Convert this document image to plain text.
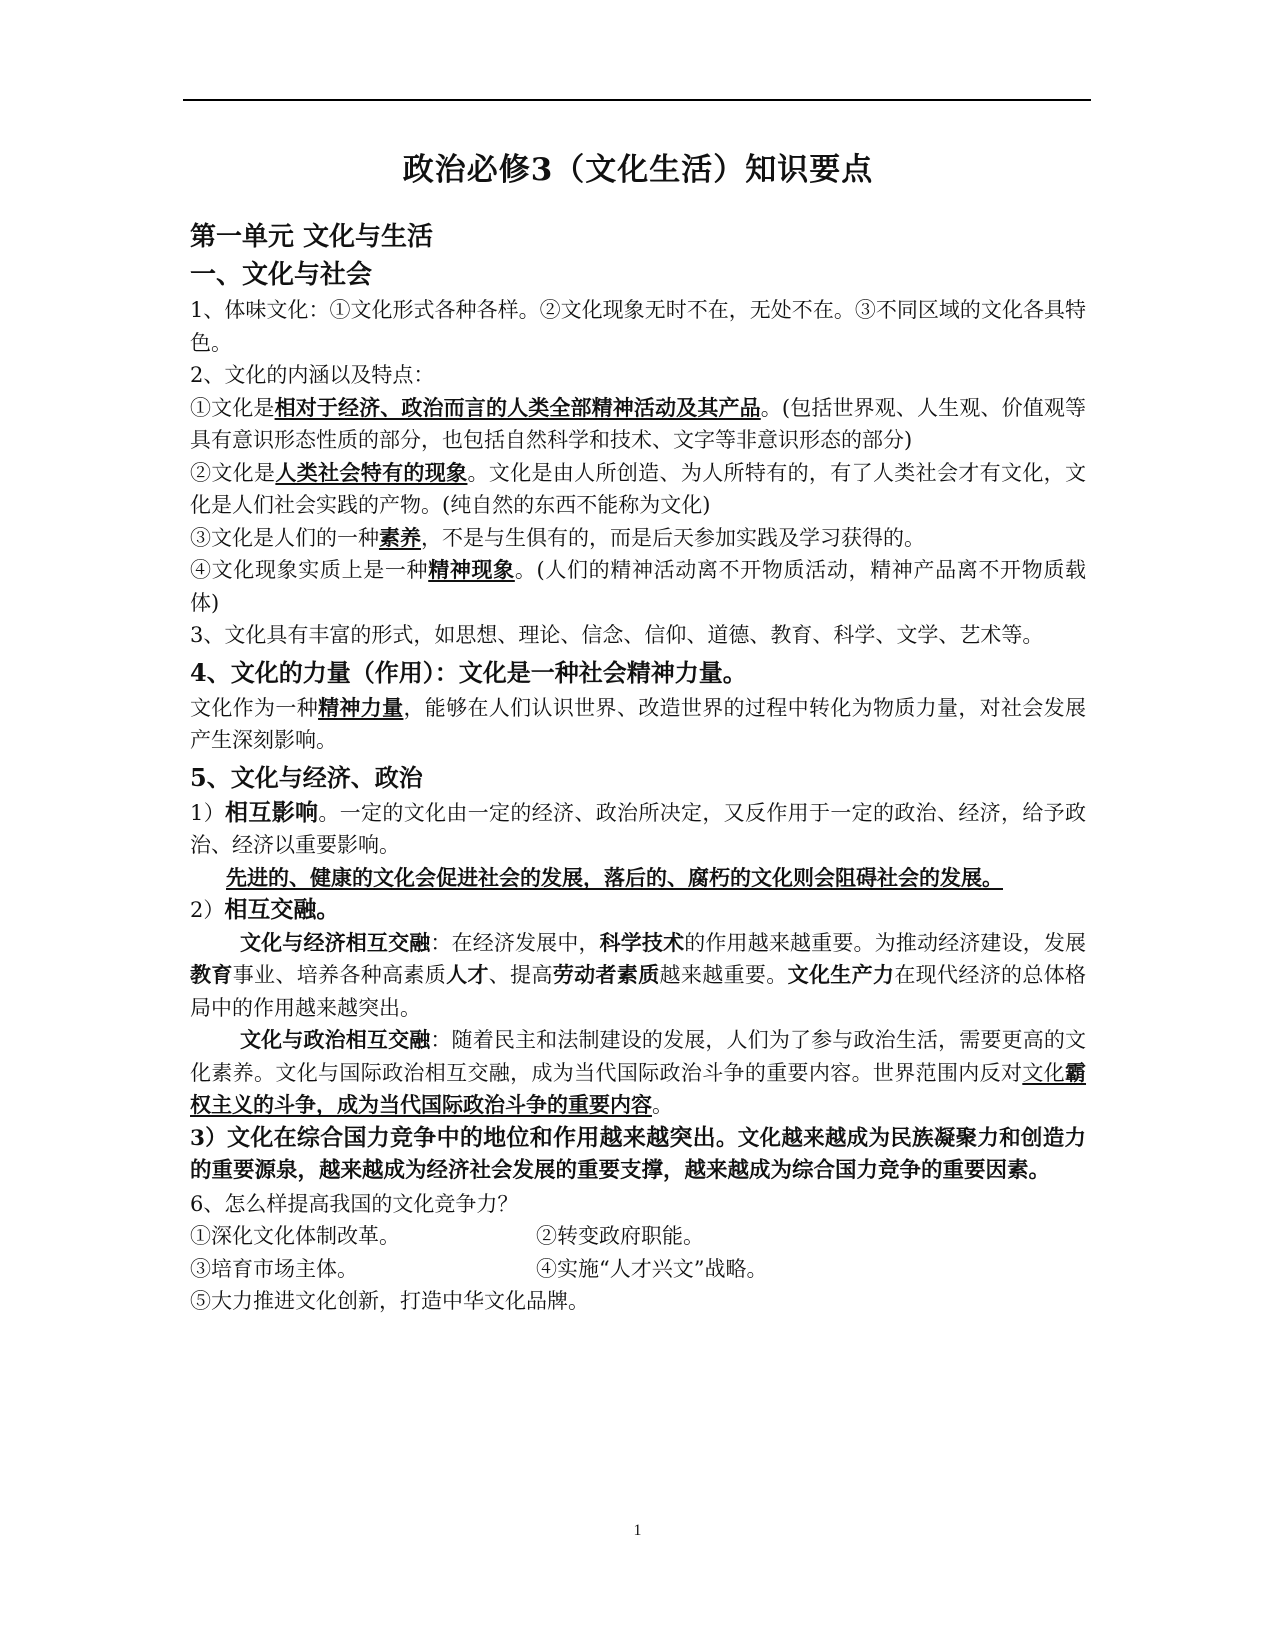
政治必修3（文化生活）知识要点
第一单元 文化与生活
一、文化与社会

1、体味文化：①文化形式各种各样。②文化现象无时不在，无处不在。③不同区域的文化各具特色。

2、文化的内涵以及特点：

①文化是相对于经济、政治而言的人类全部精神活动及其产品。(包括世界观、人生观、价值观等具有意识形态性质的部分，也包括自然科学和技术、文字等非意识形态的部分)

②文化是人类社会特有的现象。文化是由人所创造、为人所特有的，有了人类社会才有文化，文化是人们社会实践的产物。(纯自然的东西不能称为文化)

③文化是人们的一种素养，不是与生俱有的，而是后天参加实践及学习获得的。

④文化现象实质上是一种精神现象。(人们的精神活动离不开物质活动，精神产品离不开物质载体)

3、文化具有丰富的形式，如思想、理论、信念、信仰、道德、教育、科学、文学、艺术等。

4、文化的力量（作用）：文化是一种社会精神力量。

文化作为一种精神力量，能够在人们认识世界、改造世界的过程中转化为物质力量，对社会发展产生深刻影响。

5、文化与经济、政治

1）相互影响。一定的文化由一定的经济、政治所决定，又反作用于一定的政治、经济，给予政治、经济以重要影响。

先进的、健康的文化会促进社会的发展，落后的、腐朽的文化则会阻碍社会的发展。

2）相互交融。

文化与经济相互交融：在经济发展中，科学技术的作用越来越重要。为推动经济建设，发展教育事业、培养各种高素质人才、提高劳动者素质越来越重要。文化生产力在现代经济的总体格局中的作用越来越突出。

文化与政治相互交融：随着民主和法制建设的发展，人们为了参与政治生活，需要更高的文化素养。文化与国际政治相互交融，成为当代国际政治斗争的重要内容。世界范围内反对文化霸权主义的斗争，成为当代国际政治斗争的重要内容。

3）文化在综合国力竞争中的地位和作用越来越突出。文化越来越成为民族凝聚力和创造力的重要源泉，越来越成为经济社会发展的重要支撑，越来越成为综合国力竞争的重要因素。

6、怎么样提高我国的文化竞争力？

①深化文化体制改革。	②转变政府职能。

③培育市场主体。	④实施“人才兴文”战略。

⑤大力推进文化创新，打造中华文化品牌。

1
